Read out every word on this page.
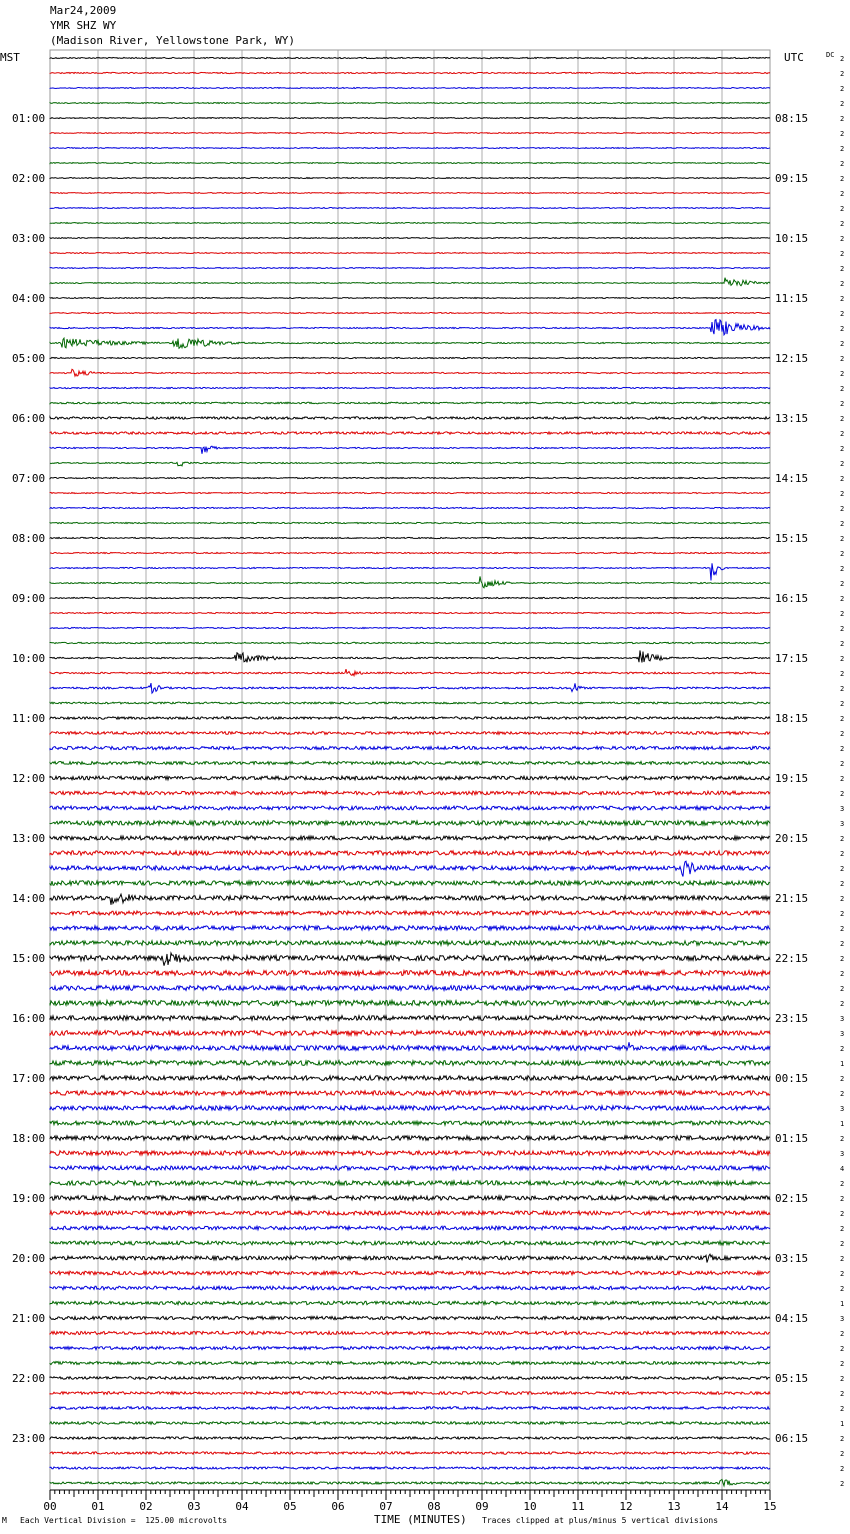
Mar24,2009
YMR SHZ WY
(Madison River, Yellowstone Park, WY)
2
2
2
2
2
2
2
2
2
2
2
2
2
2
2
2
2
2
2
2
2
2
2
2
2
2
2
2
2
2
2
2
2
2
2
2
2
2
2
2
2
2
2
2
2
2
2
2
2
2
3
3
2
2
2
2
2
2
2
2
2
2
2
2
3
3
2
1
2
2
3
1
2
3
4
2
2
2
2
2
2
2
2
1
3
2
2
2
2
2
2
1
2
2
2
2
01:00
02:00
03:00
04:00
05:00
06:00
07:00
08:00
09:00
10:00
11:00
12:00
13:00
14:00
15:00
16:00
17:00
18:00
19:00
20:00
21:00
22:00
23:00
08:15
09:15
10:15
11:15
12:15
13:15
14:15
15:15
16:15
17:15
18:15
19:15
20:15
21:15
22:15
23:15
00:15
01:15
02:15
03:15
04:15
05:15
06:15
00	01	02	03	04	05	06	07	08	09	10	11	12	13	14	15
MST	UTC	DC
TIME (MINUTES)
M Each Vertical Division =  125.00 microvolts	Traces clipped at plus/minus 5 vertical divisions
